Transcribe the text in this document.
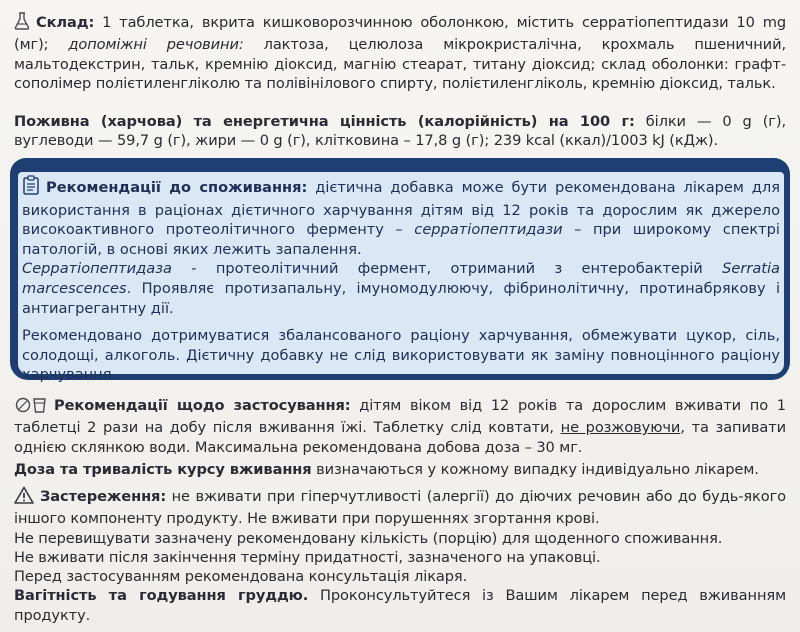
Склад: 1 таблетка, вкрита кишковорозчинною оболонкою, містить серратіопептидази 10 mg (мг); допоміжні речовини: лактоза, целюлоза мікрокристалічна, крохмаль пшеничний, мальтодекстрин, тальк, кремнію діоксид, магнію стеарат, титану діоксид; склад оболонки: графт-сополімер полієтиленгліколю та полівінілового спирту, полієтиленгліколь, кремнію діоксид, тальк.
Поживна (харчова) та енергетична цінність (калорійність) на 100 г: білки — 0 g (г), вуглеводи — 59,7 g (г), жири — 0 g (г), клітковина – 17,8 g (г); 239 kcal (ккал)/1003 kJ (кДж).

Рекомендації до споживання: дієтична добавка може бути рекомендована лікарем для використання в раціонах дієтичного харчування дітям від 12 років та дорослим як джерело високоактивного протеолітичного ферменту – серратіопептидази – при широкому спектрі патологій, в основі яких лежить запалення.

Серратіопептидаза - протеолітичний фермент, отриманий з ентеробактерій Serratia marcescences. Проявляє протизапальну, імуномодулюючу, фібринолітичну, протинабрякову і антиагрегантну дії.

Рекомендовано дотримуватися збалансованого раціону харчування, обмежувати цукор, сіль, солодощі, алкоголь. Дієтичну добавку не слід використовувати як заміну повноцінного раціону харчування.

Рекомендації щодо застосування: дітям віком від 12 років та дорослим вживати по 1 таблетці 2 рази на добу після вживання їжі. Таблетку слід ковтати, не розжовуючи, та запивати однією склянкою води. Максимальна рекомендована добова доза – 30 мг.
Доза та тривалість курсу вживання визначаються у кожному випадку індивідуально лікарем.
Застереження: не вживати при гіперчутливості (алергії) до діючих речовин або до будь-якого іншого компоненту продукту. Не вживати при порушеннях згортання крові.
Не перевищувати зазначену рекомендовану кількість (порцію) для щоденного споживання.
Не вживати після закінчення терміну придатності, зазначеного на упаковці.
Перед застосуванням рекомендована консультація лікаря.
Вагітність та годування груддю. Проконсультуйтеся із Вашим лікарем перед вживанням продукту.
